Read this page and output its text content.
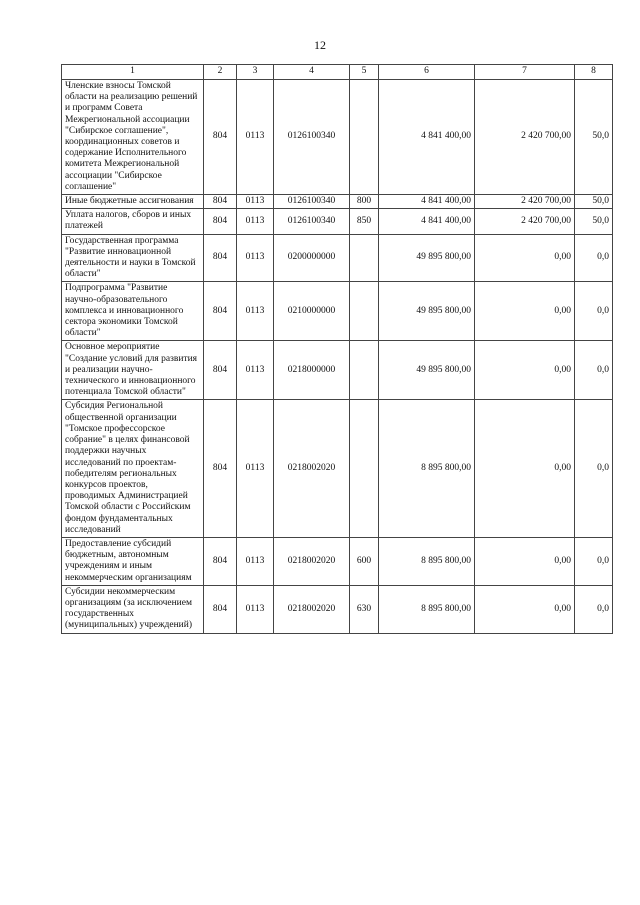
12
1	2	3	4	5	6	7	8
Членские взносы Томской области на реализацию решений и программ Совета Межрегиональной ассоциации "Сибирское соглашение", координационных советов и содержание Исполнительного комитета Межрегиональной ассоциации "Сибирское соглашение"	804	0113	0126100340		4 841 400,00	2 420 700,00	50,0
Иные бюджетные ассигнования	804	0113	0126100340	800	4 841 400,00	2 420 700,00	50,0
Уплата налогов, сборов и иных платежей	804	0113	0126100340	850	4 841 400,00	2 420 700,00	50,0
Государственная программа "Развитие инновационной деятельности и науки в Томской области"	804	0113	0200000000		49 895 800,00	0,00	0,0
Подпрограмма "Развитие научно-образовательного комплекса и инновационного сектора экономики Томской области"	804	0113	0210000000		49 895 800,00	0,00	0,0
Основное мероприятие "Создание условий для развития и реализации научно-технического и инновационного потенциала Томской области"	804	0113	0218000000		49 895 800,00	0,00	0,0
Субсидия Региональной общественной организации "Томское профессорское собрание" в целях финансовой поддержки научных исследований по проектам-победителям региональных конкурсов проектов, проводимых Администрацией Томской области с Российским фондом фундаментальных исследований	804	0113	0218002020		8 895 800,00	0,00	0,0
Предоставление субсидий бюджетным, автономным учреждениям и иным некоммерческим организациям	804	0113	0218002020	600	8 895 800,00	0,00	0,0
Субсидии некоммерческим организациям (за исключением государственных (муниципальных) учреждений)	804	0113	0218002020	630	8 895 800,00	0,00	0,0
